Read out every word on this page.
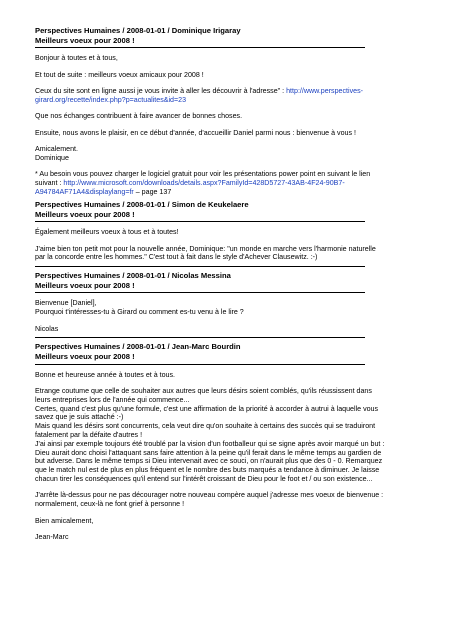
Perspectives Humaines / 2008-01-01 / Dominique Irigaray
Meilleurs voeux pour 2008 !

Bonjour à toutes et à tous,

Et tout de suite : meilleurs voeux amicaux pour 2008 !

Ceux du site sont en ligne aussi je vous invite à aller les découvrir à l'adresse" : http://www.perspectives-
girard.org/recette/index.php?p=actualites&id=23

Que nos échanges contribuent à faire avancer de bonnes choses.

Ensuite, nous avons le plaisir, en ce début d'année, d'accueillir Daniel parmi nous : bienvenue à vous !

Amicalement.
Dominique

* Au besoin vous pouvez charger le logiciel gratuit pour voir les présentations power point en suivant le lien
suivant : http://www.microsoft.com/downloads/details.aspx?FamilyId=428D5727-43AB-4F24-90B7-
A94784AF71A4&displaylang=fr – page 137

Perspectives Humaines / 2008-01-01 / Simon de Keukelaere
Meilleurs voeux pour 2008 !

Également meilleurs voeux à tous et à toutes!

J'aime bien ton petit mot pour la nouvelle année, Dominique: "un monde en marche vers l'harmonie naturelle
par la concorde entre les hommes." C'est tout à fait dans le style d'Achever Clausewitz. :-)

Perspectives Humaines / 2008-01-01 / Nicolas Messina
Meilleurs voeux pour 2008 !

Bienvenue [Daniel],
Pourquoi t'intéresses-tu à Girard ou comment es-tu venu à le lire ?

Nicolas

Perspectives Humaines / 2008-01-01 / Jean-Marc Bourdin
Meilleurs voeux pour 2008 !

Bonne et heureuse année à toutes et à tous.

Etrange coutume que celle de souhaiter aux autres que leurs désirs soient comblés, qu'ils réussissent dans
leurs entreprises lors de l'année qui commence...
Certes, quand c'est plus qu'une formule, c'est une affirmation de la priorité à accorder à autrui à laquelle vous
savez que je suis attaché :-)
Mais quand les désirs sont concurrents, cela veut dire qu'on souhaite à certains des succès qui se traduiront
fatalement par la défaite d'autres !
J'ai ainsi par exemple toujours été troublé par la vision d'un footballeur qui se signe après avoir marqué un but :
Dieu aurait donc choisi l'attaquant sans faire attention à la peine qu'il ferait dans le même temps au gardien de
but adverse. Dans le même temps si Dieu intervenait avec ce souci, on n'aurait plus que des 0 - 0. Remarquez
que le match nul est de plus en plus fréquent et le nombre des buts marqués a tendance à diminuer. Je laisse
chacun tirer les conséquences qu'il entend sur l'intérêt croissant de Dieu pour le foot et / ou son existence...

J'arrête là-dessus pour ne pas décourager notre nouveau compère auquel j'adresse mes voeux de bienvenue :
normalement, ceux-là ne font grief à personne !

Bien amicalement,

Jean-Marc
